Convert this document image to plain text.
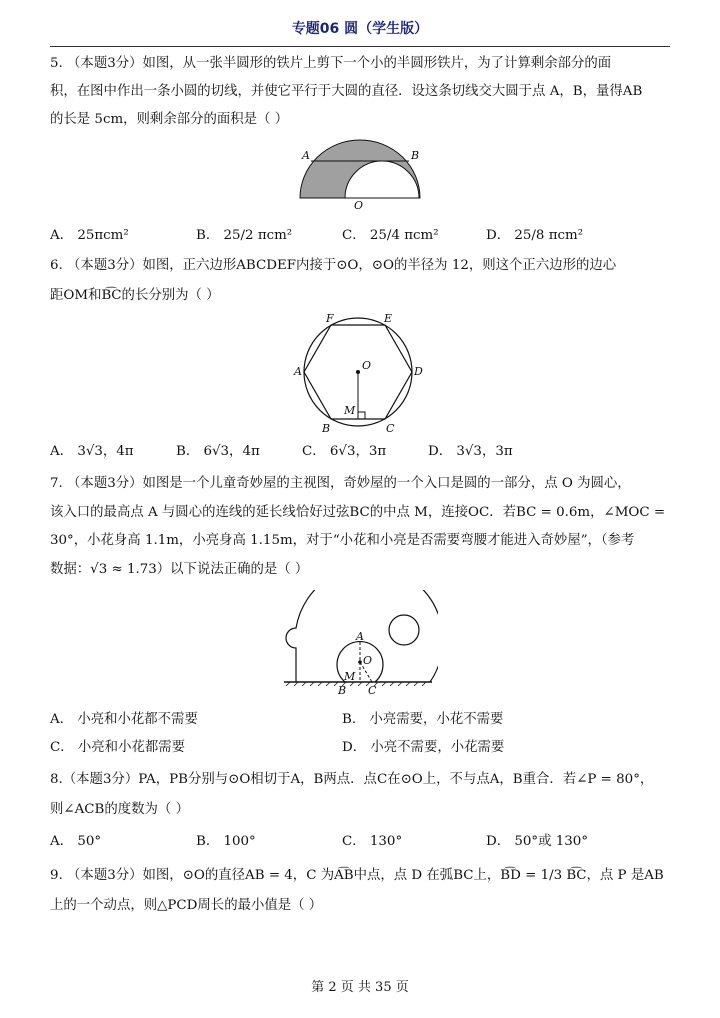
专题06 圆（学生版）
5. （本题3分）如图，从一张半圆形的铁片上剪下一个小的半圆形铁片，为了计算剩余部分的面
积，在图中作出一条小圆的切线，并使它平行于大圆的直径．设这条切线交大圆于点 A，B，量得AB
的长是 5cm，则剩余部分的面积是（ ）
A	B
O
A． 25πcm²	B． 25/2 πcm²	C． 25/4 πcm²	D． 25/8 πcm²
6. （本题3分）如图，正六边形ABCDEF内接于⊙O，⊙O的半径为 12，则这个正六边形的边心
距OM和B͡C的长分别为（ ）
F	E
A	D
O
M
B	C
A． 3√3，4π	B． 6√3，4π	C． 6√3，3π	D． 3√3，3π
7. （本题3分）如图是一个儿童奇妙屋的主视图，奇妙屋的一个入口是圆的一部分，点 O 为圆心，
该入口的最高点 A 与圆心的连线的延长线恰好过弦BC的中点 M，连接OC．若BC = 0.6m，∠MOC =
30°，小花身高 1.1m，小亮身高 1.15m，对于“小花和小亮是否需要弯腰才能进入奇妙屋”，（参考
数据：√3 ≈ 1.73）以下说法正确的是（ ）
A
O
M
B C
A． 小亮和小花都不需要	B． 小亮需要，小花不需要
C． 小亮和小花都需要	D． 小亮不需要，小花需要
8.（本题3分）PA，PB分别与⊙O相切于A，B两点．点C在⊙O上，不与点A，B重合．若∠P = 80°，
则∠ACB的度数为（ ）
A． 50°	B． 100°	C． 130°	D． 50°或 130°
9. （本题3分）如图，⊙O的直径AB = 4，C 为A͡B中点，点 D 在弧BC上，B͡D = 1/3 B͡C，点 P 是AB
上的一个动点，则△PCD周长的最小值是（ ）
第 2 页 共 35 页
